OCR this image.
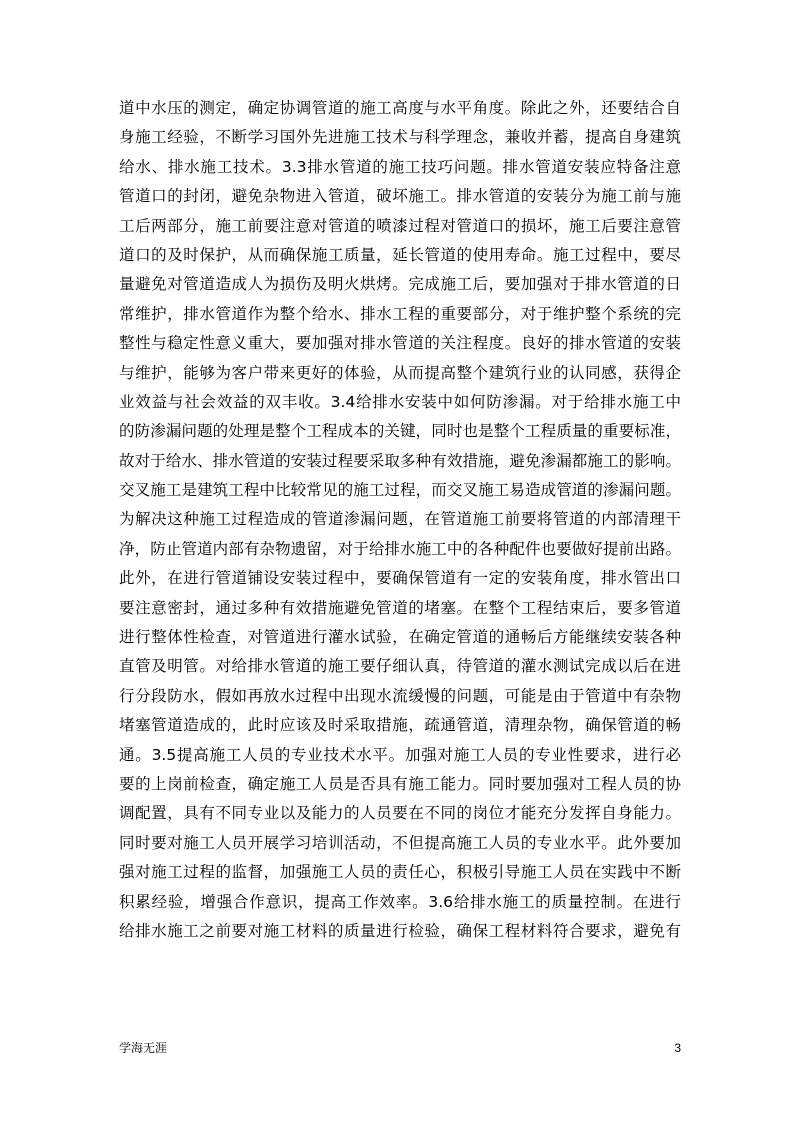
道中水压的测定，确定协调管道的施工高度与水平角度。除此之外，还要结合自
身施工经验，不断学习国外先进施工技术与科学理念，兼收并蓄，提高自身建筑
给水、排水施工技术。3.3排水管道的施工技巧问题。排水管道安装应特备注意
管道口的封闭，避免杂物进入管道，破坏施工。排水管道的安装分为施工前与施
工后两部分，施工前要注意对管道的喷漆过程对管道口的损坏，施工后要注意管
道口的及时保护，从而确保施工质量，延长管道的使用寿命。施工过程中，要尽
量避免对管道造成人为损伤及明火烘烤。完成施工后，要加强对于排水管道的日
常维护，排水管道作为整个给水、排水工程的重要部分，对于维护整个系统的完
整性与稳定性意义重大，要加强对排水管道的关注程度。良好的排水管道的安装
与维护，能够为客户带来更好的体验，从而提高整个建筑行业的认同感，获得企
业效益与社会效益的双丰收。3.4给排水安装中如何防渗漏。对于给排水施工中
的防渗漏问题的处理是整个工程成本的关键，同时也是整个工程质量的重要标准，
故对于给水、排水管道的安装过程要采取多种有效措施，避免渗漏都施工的影响。
交叉施工是建筑工程中比较常见的施工过程，而交叉施工易造成管道的渗漏问题。
为解决这种施工过程造成的管道渗漏问题，在管道施工前要将管道的内部清理干
净，防止管道内部有杂物遗留，对于给排水施工中的各种配件也要做好提前出路。
此外，在进行管道铺设安装过程中，要确保管道有一定的安装角度，排水管出口
要注意密封，通过多种有效措施避免管道的堵塞。在整个工程结束后，要多管道
进行整体性检查，对管道进行灌水试验，在确定管道的通畅后方能继续安装各种
直管及明管。对给排水管道的施工要仔细认真，待管道的灌水测试完成以后在进
行分段防水，假如再放水过程中出现水流缓慢的问题，可能是由于管道中有杂物
堵塞管道造成的，此时应该及时采取措施，疏通管道，清理杂物，确保管道的畅
通。3.5提高施工人员的专业技术水平。加强对施工人员的专业性要求，进行必
要的上岗前检查，确定施工人员是否具有施工能力。同时要加强对工程人员的协
调配置，具有不同专业以及能力的人员要在不同的岗位才能充分发挥自身能力。
同时要对施工人员开展学习培训活动，不但提高施工人员的专业水平。此外要加
强对施工过程的监督，加强施工人员的责任心，积极引导施工人员在实践中不断
积累经验，增强合作意识，提高工作效率。3.6给排水施工的质量控制。在进行
给排水施工之前要对施工材料的质量进行检验，确保工程材料符合要求，避免有
学海无涯	3
